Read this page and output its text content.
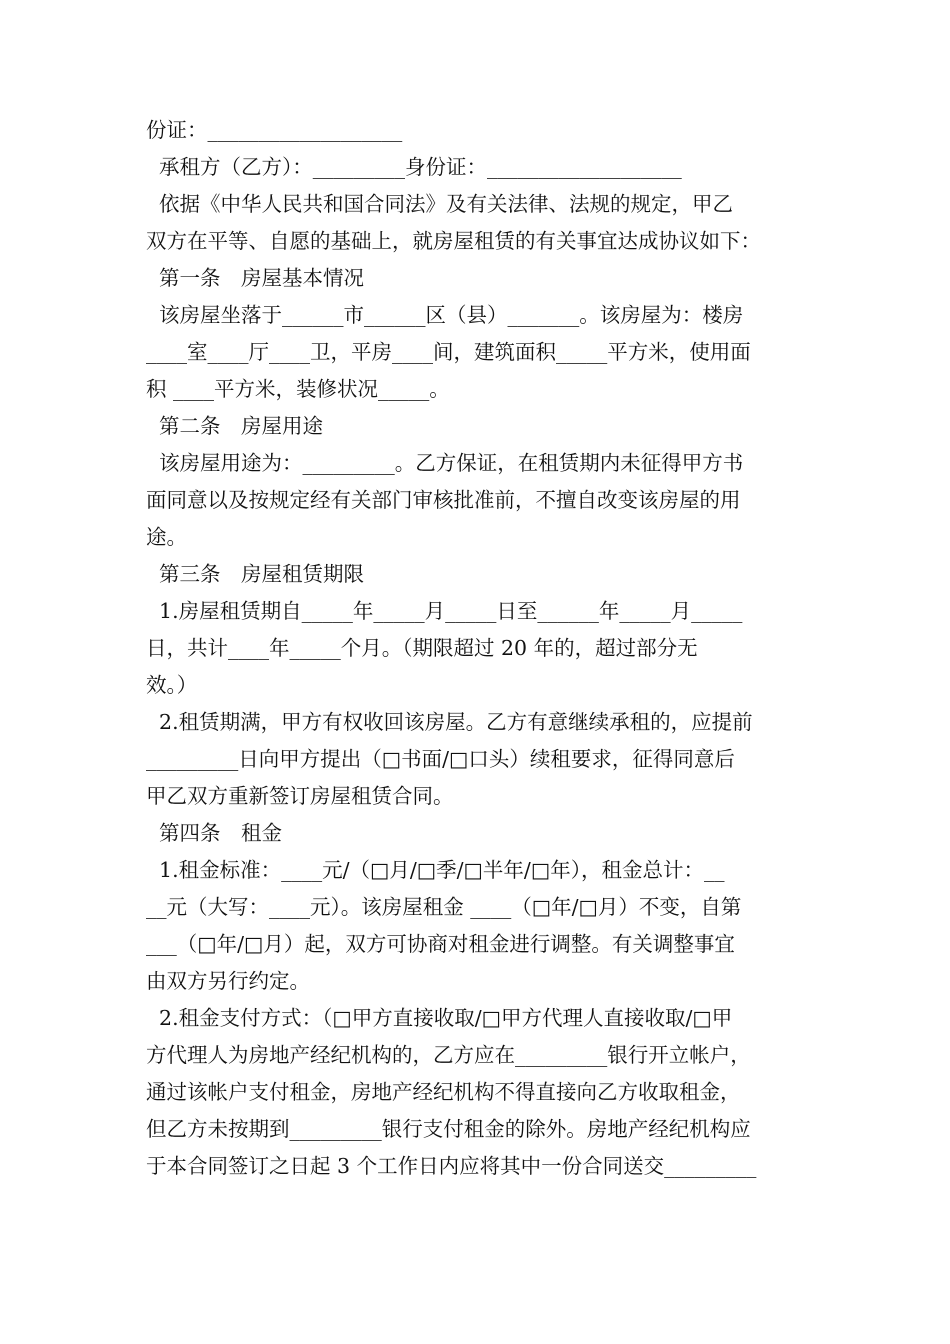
份证：___________________
承租方（乙方）：_________身份证：___________________
依据《中华人民共和国合同法》及有关法律、法规的规定，甲乙
双方在平等、自愿的基础上，就房屋租赁的有关事宜达成协议如下：
第一条　房屋基本情况
该房屋坐落于______市______区（县）_______。该房屋为：楼房
____室____厅____卫，平房____间，建筑面积_____平方米，使用面
积 ____平方米，装修状况_____。
第二条　房屋用途
该房屋用途为：_________。乙方保证，在租赁期内未征得甲方书
面同意以及按规定经有关部门审核批准前，不擅自改变该房屋的用
途。
第三条　房屋租赁期限
1.房屋租赁期自_____年_____月_____日至______年_____月_____
日，共计____年_____个月。（期限超过 20 年的，超过部分无
效。）
2.租赁期满，甲方有权收回该房屋。乙方有意继续承租的，应提前
_________日向甲方提出（□书面/□口头）续租要求，征得同意后
甲乙双方重新签订房屋租赁合同。
第四条　租金
1.租金标准：____元/（□月/□季/□半年/□年），租金总计：__
__元（大写：____元）。该房屋租金 ____（□年/□月）不变，自第
___（□年/□月）起，双方可协商对租金进行调整。有关调整事宜
由双方另行约定。
2.租金支付方式：（□甲方直接收取/□甲方代理人直接收取/□甲
方代理人为房地产经纪机构的，乙方应在_________银行开立帐户，
通过该帐户支付租金，房地产经纪机构不得直接向乙方收取租金，
但乙方未按期到_________银行支付租金的除外。房地产经纪机构应
于本合同签订之日起 3 个工作日内应将其中一份合同送交_________
